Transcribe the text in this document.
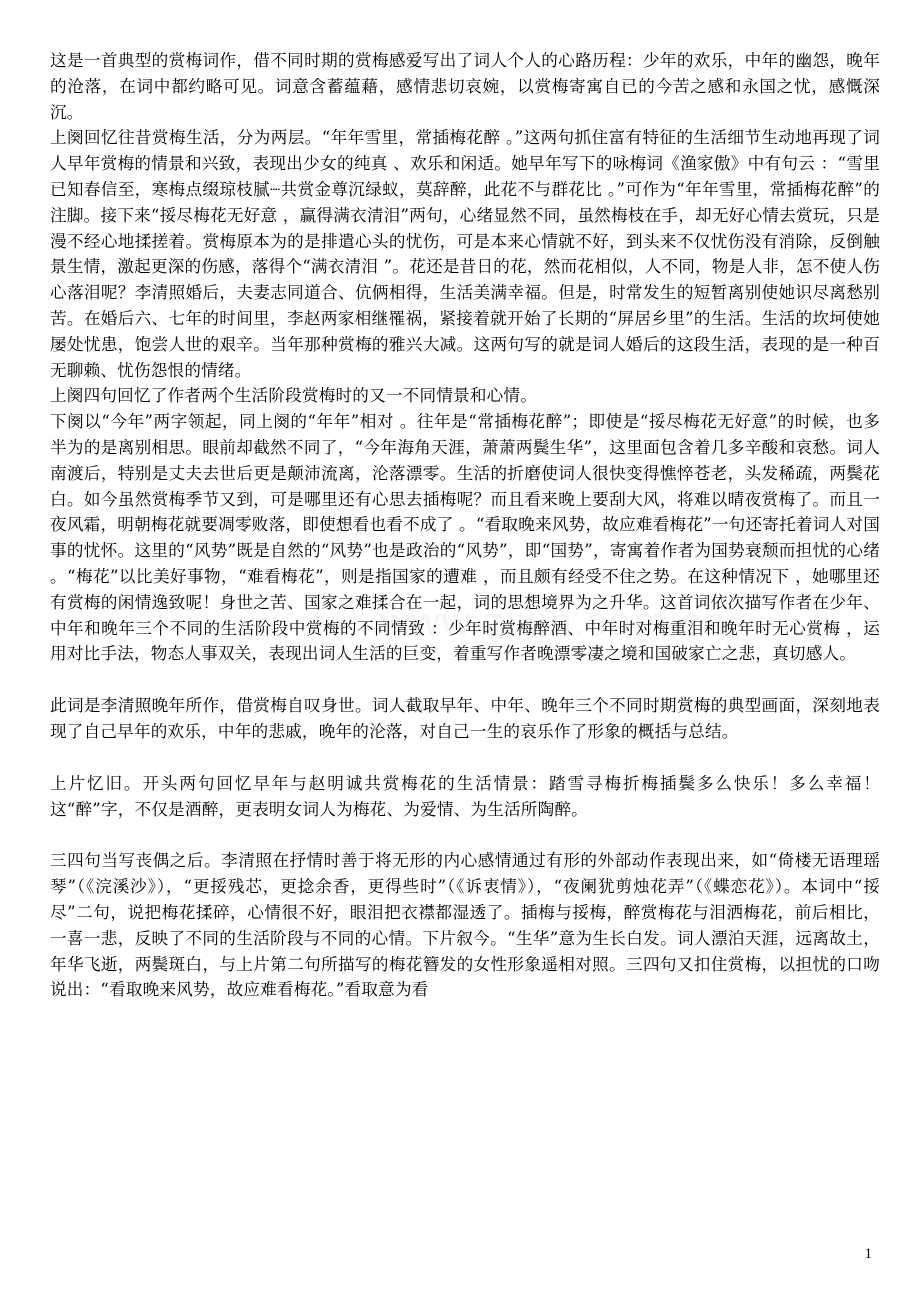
这是一首典型的赏梅词作，借不同时期的赏梅感爱写出了词人个人的心路历程：少年的欢乐，中年的幽怨，晚年的沧落，在词中都约略可见。词意含蓄蕴藉，感情悲切哀婉，以赏梅寄寓自已的今苦之感和永国之忧，感慨深沉。

上阕回忆往昔赏梅生活，分为两层。“年年雪里，常插梅花醉 。”这两句抓住富有特征的生活细节生动地再现了词人早年赏梅的情景和兴致，表现出少女的纯真 、欢乐和闲适。她早年写下的咏梅词《渔家傲》中有句云 ：“雪里已知春信至，寒梅点缀琼枝腻┈共赏金尊沉绿蚁，莫辞醉，此花不与群花比 。”可作为“年年雪里，常插梅花醉”的注脚。接下来“挼尽梅花无好意 ，赢得满衣清泪”两句，心绪显然不同，虽然梅枝在手，却无好心情去赏玩，只是漫不经心地揉搓着。赏梅原本为的是排遣心头的忧伤，可是本来心情就不好，到头来不仅忧伤没有消除，反倒触景生情，激起更深的伤感，落得个“满衣清泪 ”。花还是昔日的花，然而花相似，人不同，物是人非，怎不使人伤心落泪呢？李清照婚后，夫妻志同道合、伉俩相得，生活美满幸福。但是，时常发生的短暂离别使她识尽离愁别苦。在婚后六、七年的时间里，李赵两家相继罹祸，紧接着就开始了长期的“屏居乡里”的生活。生活的坎坷使她屡处忧患，饱尝人世的艰辛。当年那种赏梅的雅兴大减。这两句写的就是词人婚后的这段生活，表现的是一种百无聊赖、忧伤怨恨的情绪。

上阕四句回忆了作者两个生活阶段赏梅时的又一不同情景和心情。

下阕以“今年”两字领起，同上阕的“年年”相对 。往年是“常插梅花醉”；即使是“挼尽梅花无好意”的时候，也多半为的是离别相思。眼前却截然不同了，“今年海角天涯，萧萧两鬓生华”，这里面包含着几多辛酸和哀愁。词人南渡后，特别是丈夫去世后更是颠沛流离，沦落漂零。生活的折磨使词人很快变得憔悴苍老，头发稀疏，两鬓花白。如今虽然赏梅季节又到，可是哪里还有心思去插梅呢？而且看来晚上要刮大风，将难以晴夜赏梅了。而且一夜风霜，明朝梅花就要凋零败落，即使想看也看不成了 。“看取晚来风势，故应难看梅花”一句还寄托着词人对国事的忧怀。这里的“风势”既是自然的“风势”也是政治的“风势”，即“国势”，寄寓着作者为国势衰颓而担忧的心绪 。“梅花”以比美好事物，“难看梅花”，则是指国家的遭难 ，而且颇有经受不住之势。在这种情况下 ，她哪里还有赏梅的闲情逸致呢！身世之苦、国家之难揉合在一起，词的思想境界为之升华。这首词依次描写作者在少年、中年和晚年三个不同的生活阶段中赏梅的不同情致 ：少年时赏梅醉酒、中年时对梅重泪和晚年时无心赏梅 ，运用对比手法，物态人事双关，表现出词人生活的巨变，着重写作者晚漂零凄之境和国破家亡之悲，真切感人。

此词是李清照晚年所作，借赏梅自叹身世。词人截取早年、中年、晚年三个不同时期赏梅的典型画面，深刻地表现了自己早年的欢乐，中年的悲戚，晚年的沦落，对自己一生的哀乐作了形象的概括与总结。

上片忆旧。开头两句回忆早年与赵明诚共赏梅花的生活情景：踏雪寻梅折梅插鬓多么快乐！多么幸福！这“醉”字，不仅是酒醉，更表明女词人为梅花、为爱情、为生活所陶醉。

三四句当写丧偶之后。李清照在抒情时善于将无形的内心感情通过有形的外部动作表现出来，如“倚楼无语理瑶琴”（《浣溪沙》），“更挼残芯，更捻余香，更得些时”（《诉衷情》），“夜阑犹剪烛花弄”（《蝶恋花》）。本词中“挼尽”二句，说把梅花揉碎，心情很不好，眼泪把衣襟都湿透了。插梅与挼梅，醉赏梅花与泪洒梅花，前后相比，一喜一悲，反映了不同的生活阶段与不同的心情。下片叙今。“生华”意为生长白发。词人漂泊天涯，远离故土，年华飞逝，两鬓斑白，与上片第二句所描写的梅花簪发的女性形象遥相对照。三四句又扣住赏梅，以担忧的口吻说出：“看取晚来风势，故应难看梅花。”看取意为看

1
